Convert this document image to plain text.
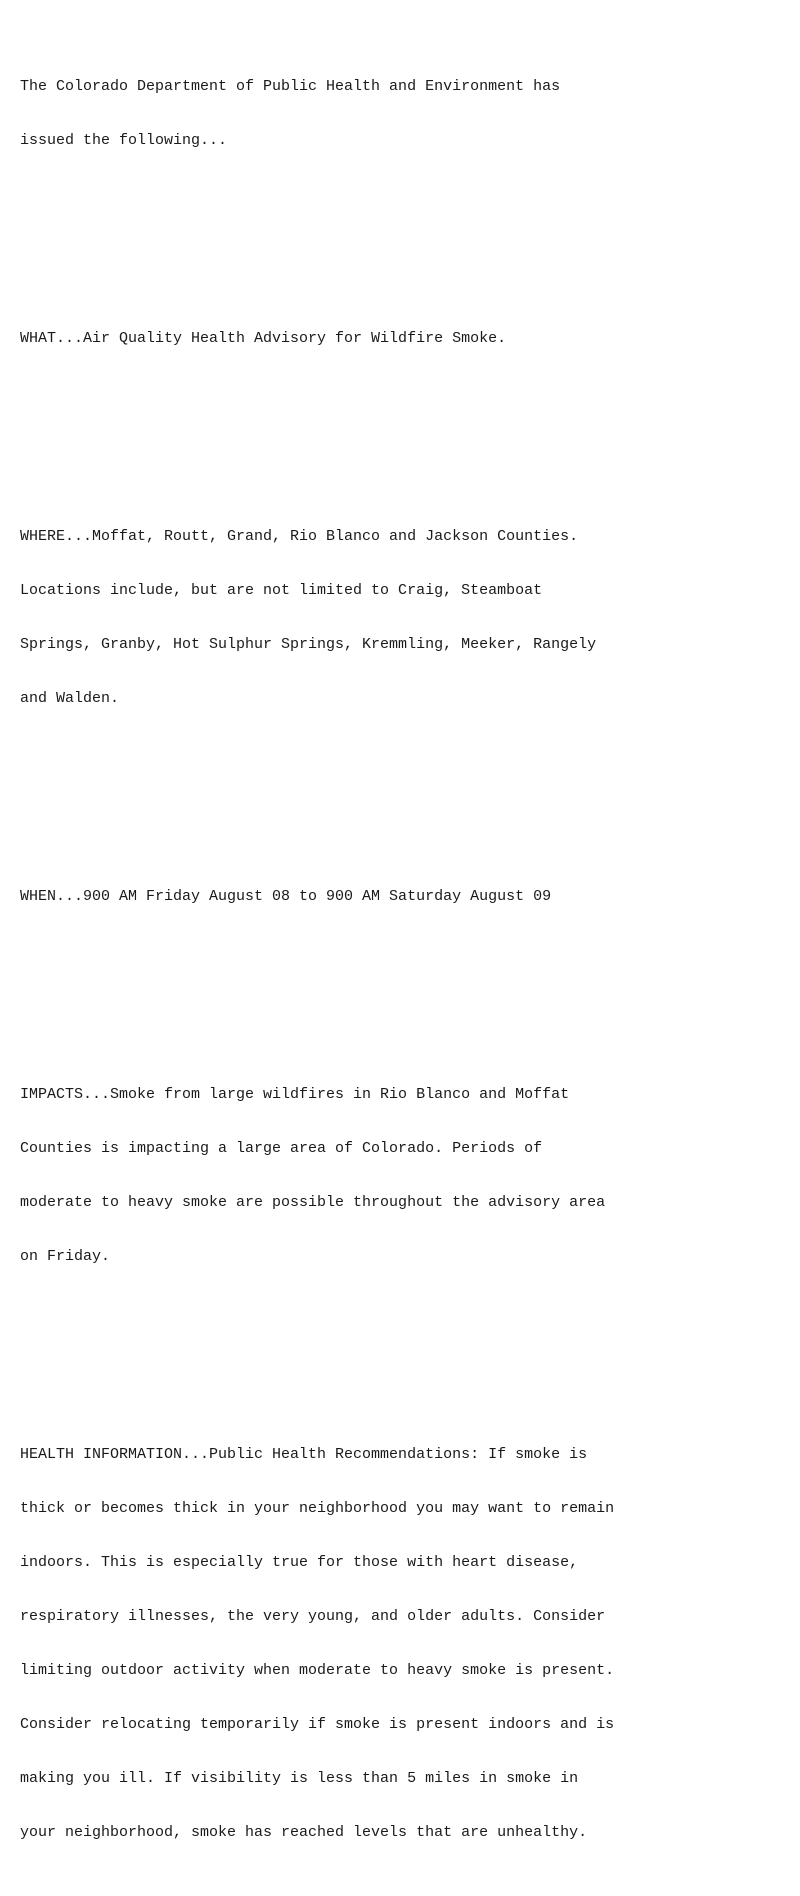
The Colorado Department of Public Health and Environment has

issued the following...

WHAT...Air Quality Health Advisory for Wildfire Smoke.

WHERE...Moffat, Routt, Grand, Rio Blanco and Jackson Counties.

Locations include, but are not limited to Craig, Steamboat

Springs, Granby, Hot Sulphur Springs, Kremmling, Meeker, Rangely

and Walden.

WHEN...900 AM Friday August 08 to 900 AM Saturday August 09

IMPACTS...Smoke from large wildfires in Rio Blanco and Moffat

Counties is impacting a large area of Colorado. Periods of

moderate to heavy smoke are possible throughout the advisory area

on Friday.

HEALTH INFORMATION...Public Health Recommendations: If smoke is

thick or becomes thick in your neighborhood you may want to remain

indoors. This is especially true for those with heart disease,

respiratory illnesses, the very young, and older adults. Consider

limiting outdoor activity when moderate to heavy smoke is present.

Consider relocating temporarily if smoke is present indoors and is

making you ill. If visibility is less than 5 miles in smoke in

your neighborhood, smoke has reached levels that are unhealthy.
